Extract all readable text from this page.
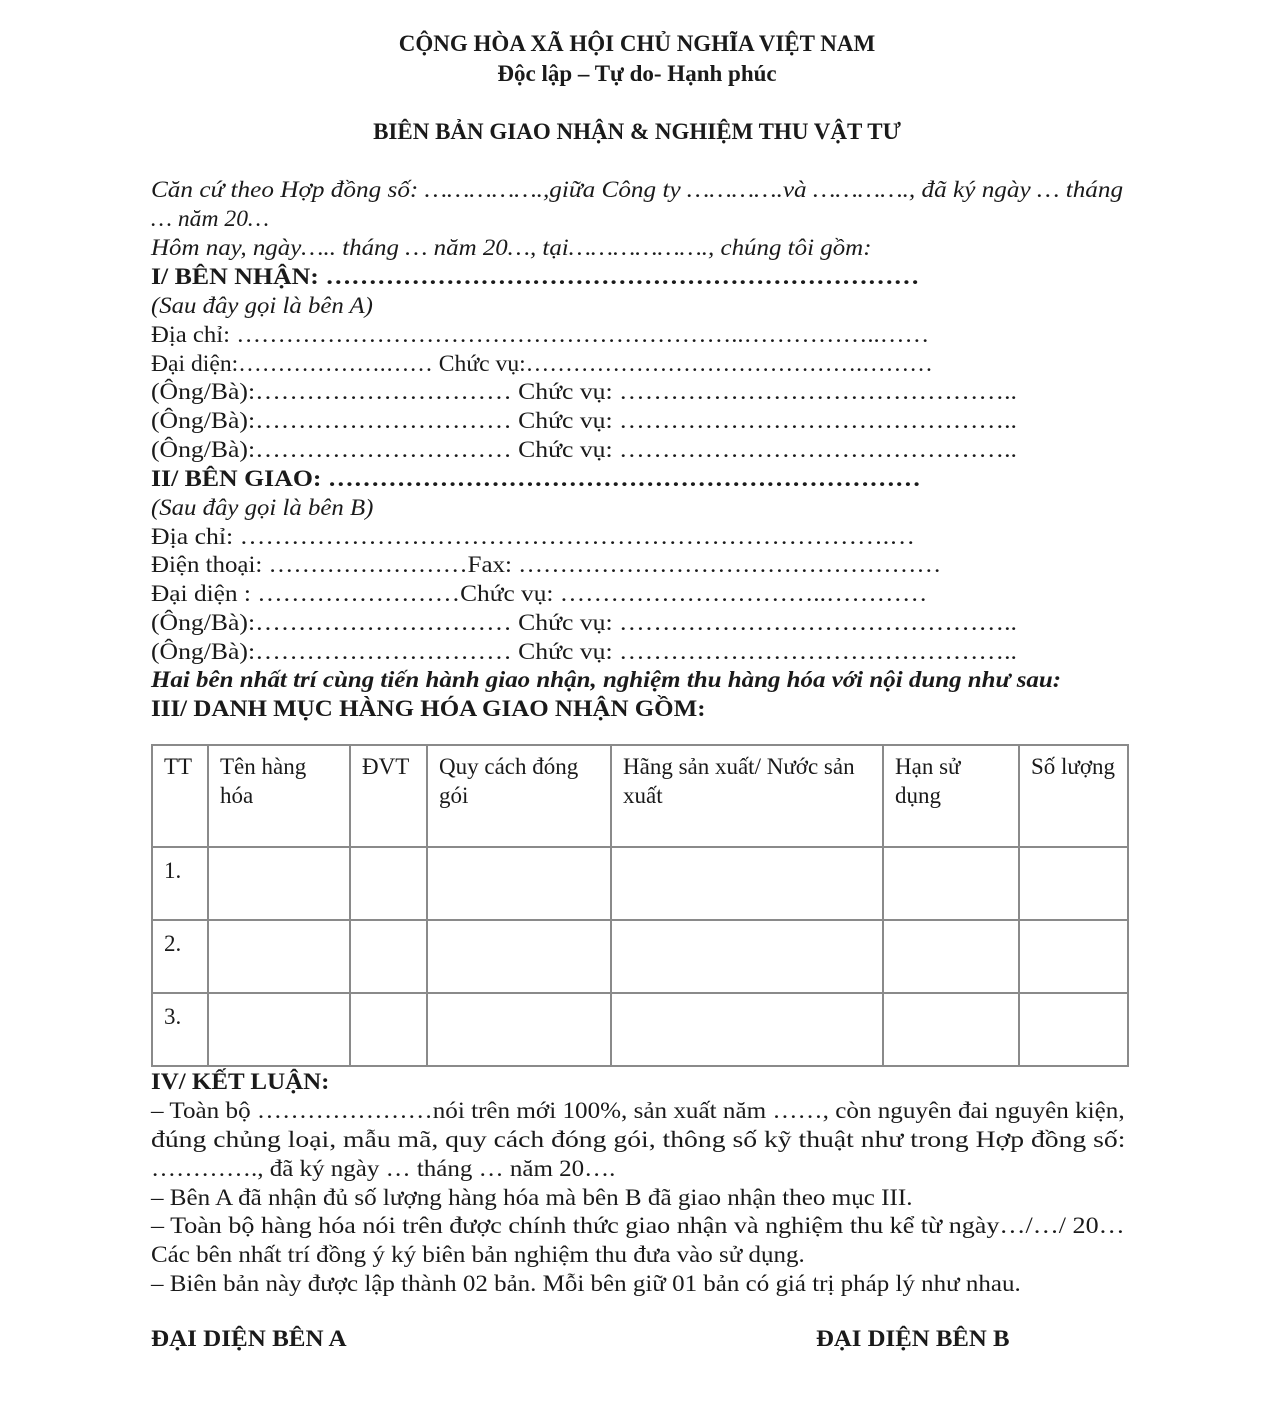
CỘNG HÒA XÃ HỘI CHỦ NGHĨA VIỆT NAM
Độc lập – Tự do- Hạnh phúc
BIÊN BẢN GIAO NHẬN & NGHIỆM THU VẬT TƯ
Căn cứ theo Hợp đồng số: …………….,giữa Công ty ………….và …………., đã ký ngày … tháng
… năm 20…
Hôm nay, ngày….. tháng … năm 20…, tại………………., chúng tôi gồm:
I/ BÊN NHẬN: ……………………………………………………………
(Sau đây gọi là bên A)
Địa chỉ: ……………………………………………………..……………..……
Đại diện:……………….…… Chức vụ:…………………………………….………
(Ông/Bà):………………………… Chức vụ: ………………………………………..
(Ông/Bà):………………………… Chức vụ: ………………………………………..
(Ông/Bà):………………………… Chức vụ: ………………………………………..
II/ BÊN GIAO: ……………………………………………………………
(Sau đây gọi là bên B)
Địa chỉ: ………………………………………………………………….…
Điện thoại: ……………………Fax: ……………………………………………
Đại diện : ……………………Chức vụ: …………………………..…………
(Ông/Bà):………………………… Chức vụ: ………………………………………..
(Ông/Bà):………………………… Chức vụ: ………………………………………..
Hai bên nhất trí cùng tiến hành giao nhận, nghiệm thu hàng hóa với nội dung như sau:
III/ DANH MỤC HÀNG HÓA GIAO NHẬN GỒM:
TT	Tên hàng hóa	ĐVT	Quy cách đóng gói	Hãng sản xuất/ Nước sản xuất	Hạn sử dụng	Số lượng
1.						
2.						
3.						
IV/ KẾT LUẬN:
– Toàn bộ …………………nói trên mới 100%, sản xuất năm ……, còn nguyên đai nguyên kiện,
đúng chủng loại, mẫu mã, quy cách đóng gói, thông số kỹ thuật như trong Hợp đồng số:
…………., đã ký ngày … tháng … năm 20….
– Bên A đã nhận đủ số lượng hàng hóa mà bên B đã giao nhận theo mục III.
– Toàn bộ hàng hóa nói trên được chính thức giao nhận và nghiệm thu kể từ ngày…/…/ 20…
Các bên nhất trí đồng ý ký biên bản nghiệm thu đưa vào sử dụng.
– Biên bản này được lập thành 02 bản. Mỗi bên giữ 01 bản có giá trị pháp lý như nhau.
ĐẠI DIỆN BÊN A	ĐẠI DIỆN BÊN B
